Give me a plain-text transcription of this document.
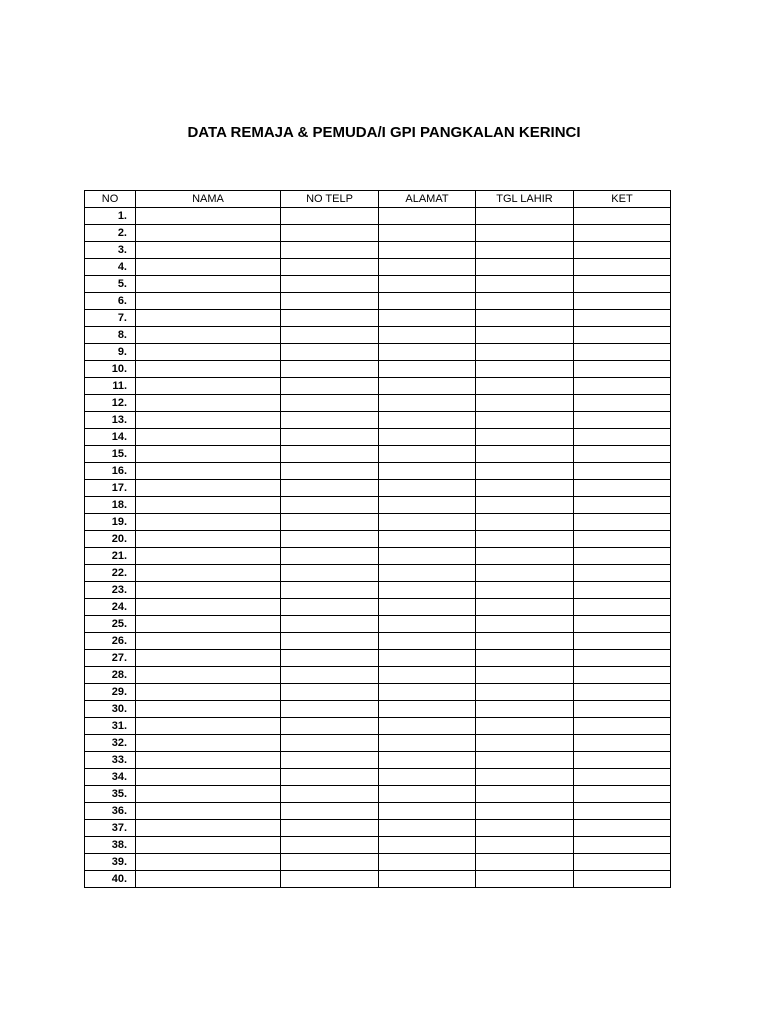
DATA REMAJA & PEMUDA/I GPI PANGKALAN KERINCI
NO	NAMA	NO TELP	ALAMAT	TGL LAHIR	KET
1.					
2.					
3.					
4.					
5.					
6.					
7.					
8.					
9.					
10.					
11.					
12.					
13.					
14.					
15.					
16.					
17.					
18.					
19.					
20.					
21.					
22.					
23.					
24.					
25.					
26.					
27.					
28.					
29.					
30.					
31.					
32.					
33.					
34.					
35.					
36.					
37.					
38.					
39.					
40.					
